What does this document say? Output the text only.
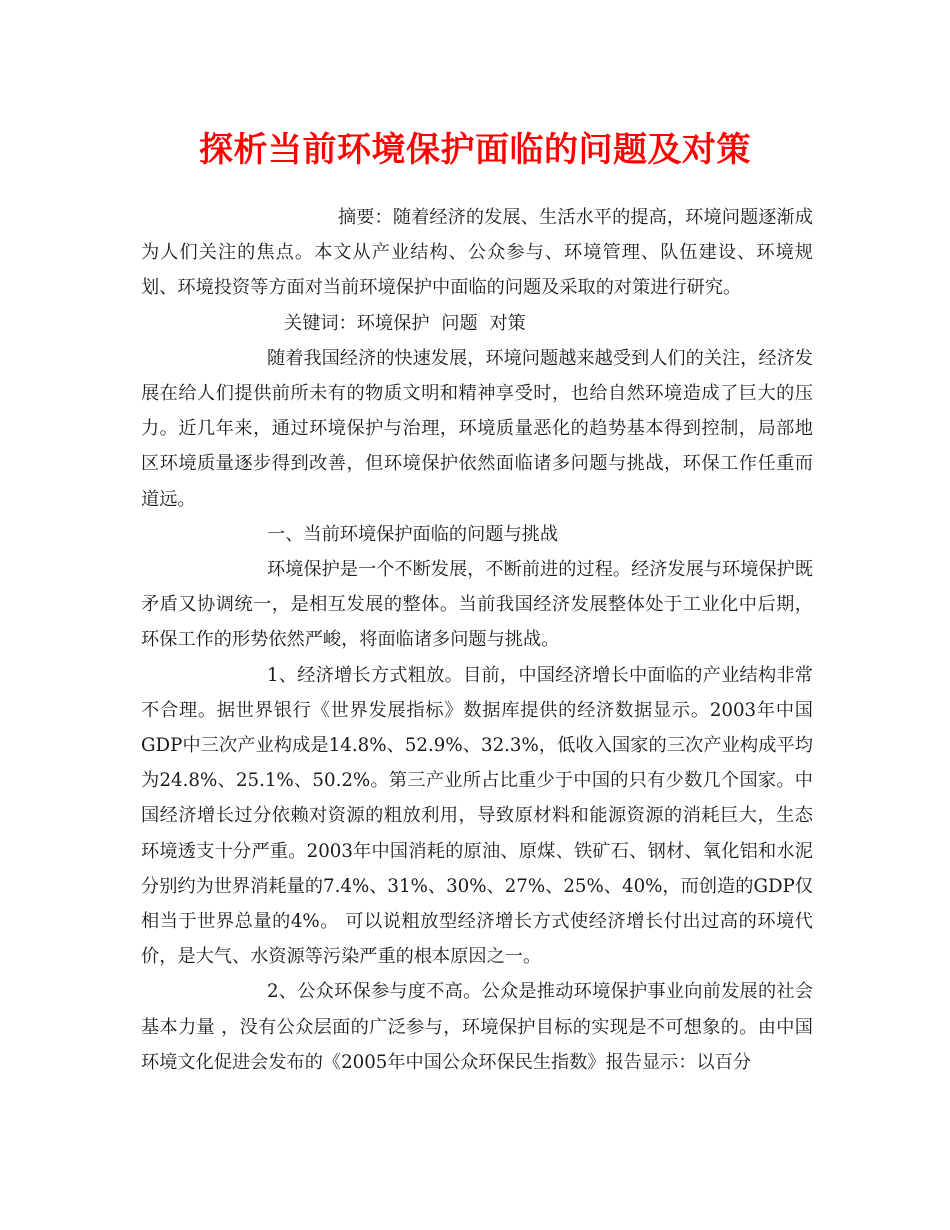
探析当前环境保护面临的问题及对策

摘要：随着经济的发展、生活水平的提高，环境问题逐渐成为人们关注的焦点。本文从产业结构、公众参与、环境管理、队伍建设、环境规划、环境投资等方面对当前环境保护中面临的问题及采取的对策进行研究。

关键词：环境保护 问题 对策

随着我国经济的快速发展，环境问题越来越受到人们的关注，经济发展在给人们提供前所未有的物质文明和精神享受时，也给自然环境造成了巨大的压力。近几年来，通过环境保护与治理，环境质量恶化的趋势基本得到控制，局部地区环境质量逐步得到改善，但环境保护依然面临诸多问题与挑战，环保工作任重而道远。

一、当前环境保护面临的问题与挑战

环境保护是一个不断发展，不断前进的过程。经济发展与环境保护既矛盾又协调统一，是相互发展的整体。当前我国经济发展整体处于工业化中后期，环保工作的形势依然严峻，将面临诸多问题与挑战。

1、经济增长方式粗放。目前，中国经济增长中面临的产业结构非常不合理。据世界银行《世界发展指标》数据库提供的经济数据显示。2003年中国GDP中三次产业构成是14.8%、52.9%、32.3%，低收入国家的三次产业构成平均为24.8%、25.1%、50.2%。第三产业所占比重少于中国的只有少数几个国家。中国经济增长过分依赖对资源的粗放利用，导致原材料和能源资源的消耗巨大，生态环境透支十分严重。2003年中国消耗的原油、原煤、铁矿石、钢材、氧化铝和水泥分别约为世界消耗量的7.4%、31%、30%、27%、25%、40%，而创造的GDP仅相当于世界总量的4%。 可以说粗放型经济增长方式使经济增长付出过高的环境代价，是大气、水资源等污染严重的根本原因之一。

2、公众环保参与度不高。公众是推动环境保护事业向前发展的社会基本力量 ，没有公众层面的广泛参与，环境保护目标的实现是不可想象的。由中国环境文化促进会发布的《2005年中国公众环保民生指数》报告显示：以百分
